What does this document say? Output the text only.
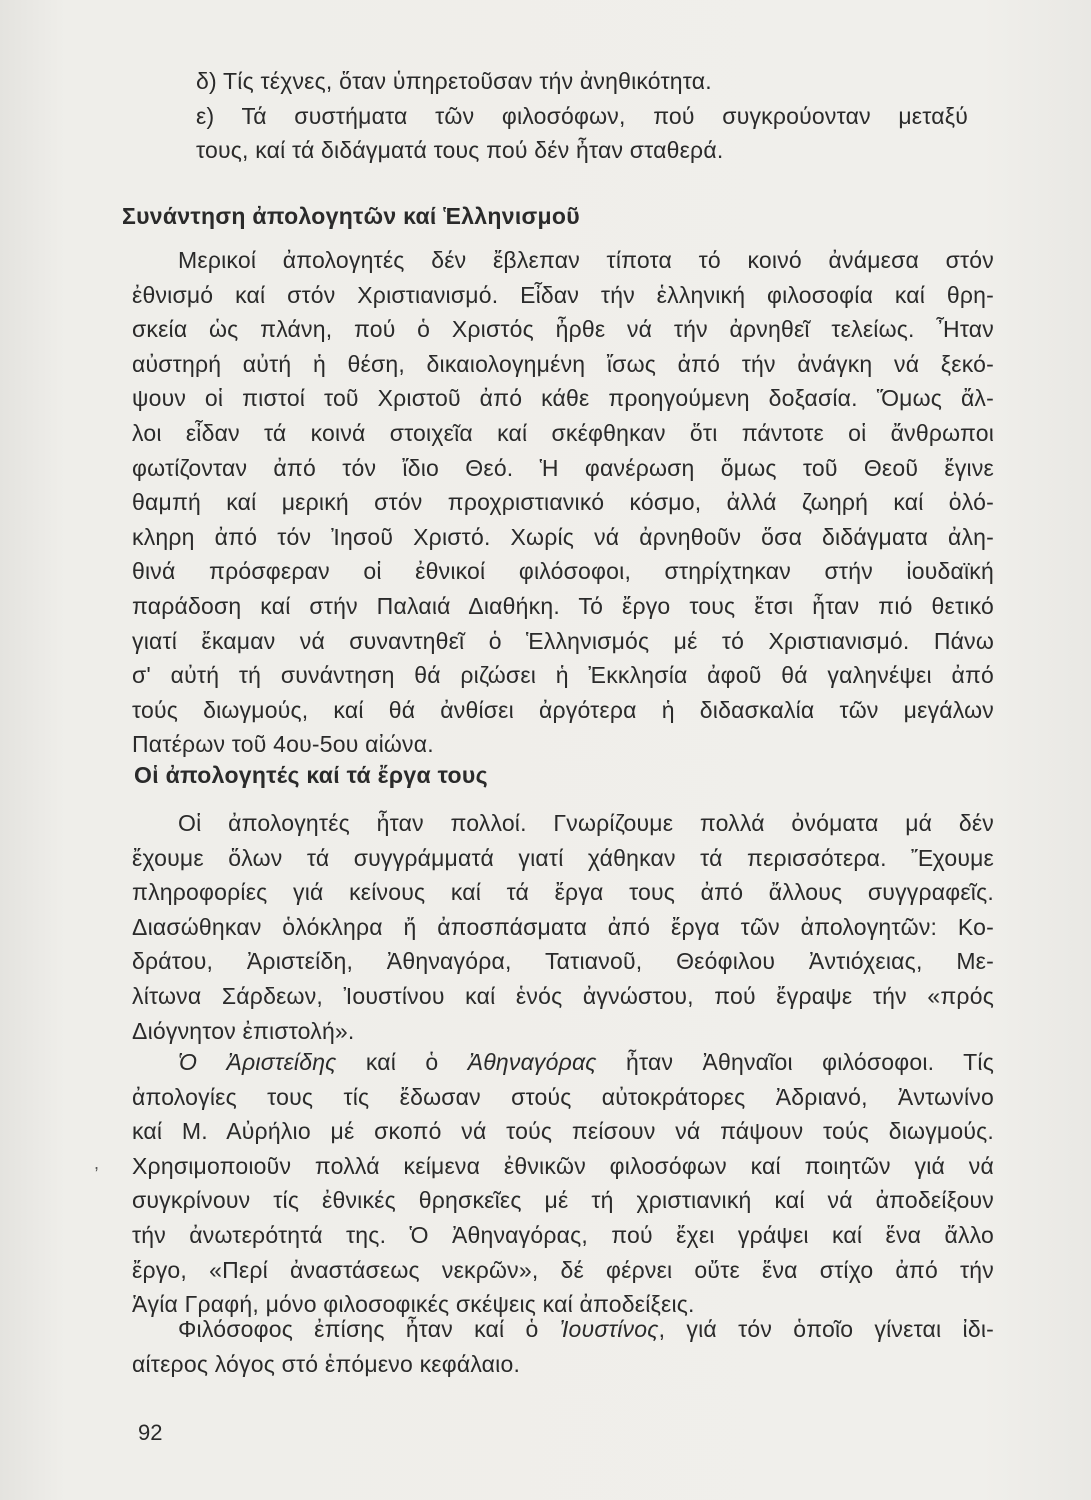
δ) Τίς τέχνες, ὅταν ὑπηρετοῦσαν τήν ἀνηθικότητα.
ε) Τά συστήματα τῶν φιλοσόφων, πού συγκρούονταν μεταξύ
τους, καί τά διδάγματά τους πού δέν ἦταν σταθερά.
Συνάντηση ἀπολογητῶν καί Ἑλληνισμοῦ
Μερικοί ἀπολογητές δέν ἔβλεπαν τίποτα τό κοινό ἀνάμεσα στόν
ἐθνισμό καί στόν Χριστιανισμό. Εἶδαν τήν ἑλληνική φιλοσοφία καί θρη-
σκεία ὡς πλάνη, πού ὁ Χριστός ἦρθε νά τήν ἀρνηθεῖ τελείως. Ἦταν
αὐστηρή αὐτή ἡ θέση, δικαιολογημένη ἴσως ἀπό τήν ἀνάγκη νά ξεκό-
ψουν οἱ πιστοί τοῦ Χριστοῦ ἀπό κάθε προηγούμενη δοξασία. Ὅμως ἄλ-
λοι εἶδαν τά κοινά στοιχεῖα καί σκέφθηκαν ὅτι πάντοτε οἱ ἄνθρωποι
φωτίζονταν ἀπό τόν ἴδιο Θεό. Ἡ φανέρωση ὅμως τοῦ Θεοῦ ἔγινε
θαμπή καί μερική στόν προχριστιανικό κόσμο, ἀλλά ζωηρή καί ὁλό-
κληρη ἀπό τόν Ἰησοῦ Χριστό. Χωρίς νά ἀρνηθοῦν ὅσα διδάγματα ἀλη-
θινά πρόσφεραν οἱ ἐθνικοί φιλόσοφοι, στηρίχτηκαν στήν ἰουδαϊκή
παράδοση καί στήν Παλαιά Διαθήκη. Τό ἔργο τους ἔτσι ἦταν πιό θετικό
γιατί ἔκαμαν νά συναντηθεῖ ὁ Ἑλληνισμός μέ τό Χριστιανισμό. Πάνω
σ' αὐτή τή συνάντηση θά ριζώσει ἡ Ἐκκλησία ἀφοῦ θά γαληνέψει ἀπό
τούς διωγμούς, καί θά ἀνθίσει ἀργότερα ἡ διδασκαλία τῶν μεγάλων
Πατέρων τοῦ 4ου-5ου αἰώνα.
Οἱ ἀπολογητές καί τά ἔργα τους
Οἱ ἀπολογητές ἦταν πολλοί. Γνωρίζουμε πολλά ὀνόματα μά δέν
ἔχουμε ὅλων τά συγγράμματά γιατί χάθηκαν τά περισσότερα. Ἔχουμε
πληροφορίες γιά κείνους καί τά ἔργα τους ἀπό ἄλλους συγγραφεῖς.
Διασώθηκαν ὁλόκληρα ἤ ἀποσπάσματα ἀπό ἔργα τῶν ἀπολογητῶν: Κο-
δράτου, Ἀριστείδη, Ἀθηναγόρα, Τατιανοῦ, Θεόφιλου Ἀντιόχειας, Με-
λίτωνα Σάρδεων, Ἰουστίνου καί ἑνός ἀγνώστου, πού ἔγραψε τήν «πρός
Διόγνητον ἐπιστολή».
Ὁ Ἀριστείδης καί ὁ Ἀθηναγόρας ἦταν Ἀθηναῖοι φιλόσοφοι. Τίς
ἀπολογίες τους τίς ἔδωσαν στούς αὐτοκράτορες Ἀδριανό, Ἀντωνίνο
καί Μ. Αὐρήλιο μέ σκοπό νά τούς πείσουν νά πάψουν τούς διωγμούς.
Χρησιμοποιοῦν πολλά κείμενα ἐθνικῶν φιλοσόφων καί ποιητῶν γιά νά
συγκρίνουν τίς ἐθνικές θρησκεῖες μέ τή χριστιανική καί νά ἀποδείξουν
τήν ἀνωτερότητά της. Ὁ Ἀθηναγόρας, πού ἔχει γράψει καί ἕνα ἄλλο
ἔργο, «Περί ἀναστάσεως νεκρῶν», δέ φέρνει οὔτε ἕνα στίχο ἀπό τήν
Ἁγία Γραφή, μόνο φιλοσοφικές σκέψεις καί ἀποδείξεις.
,
Φιλόσοφος ἐπίσης ἦταν καί ὁ Ἰουστίνος, γιά τόν ὁποῖο γίνεται ἰδι-
αίτερος λόγος στό ἑπόμενο κεφάλαιο.
92
